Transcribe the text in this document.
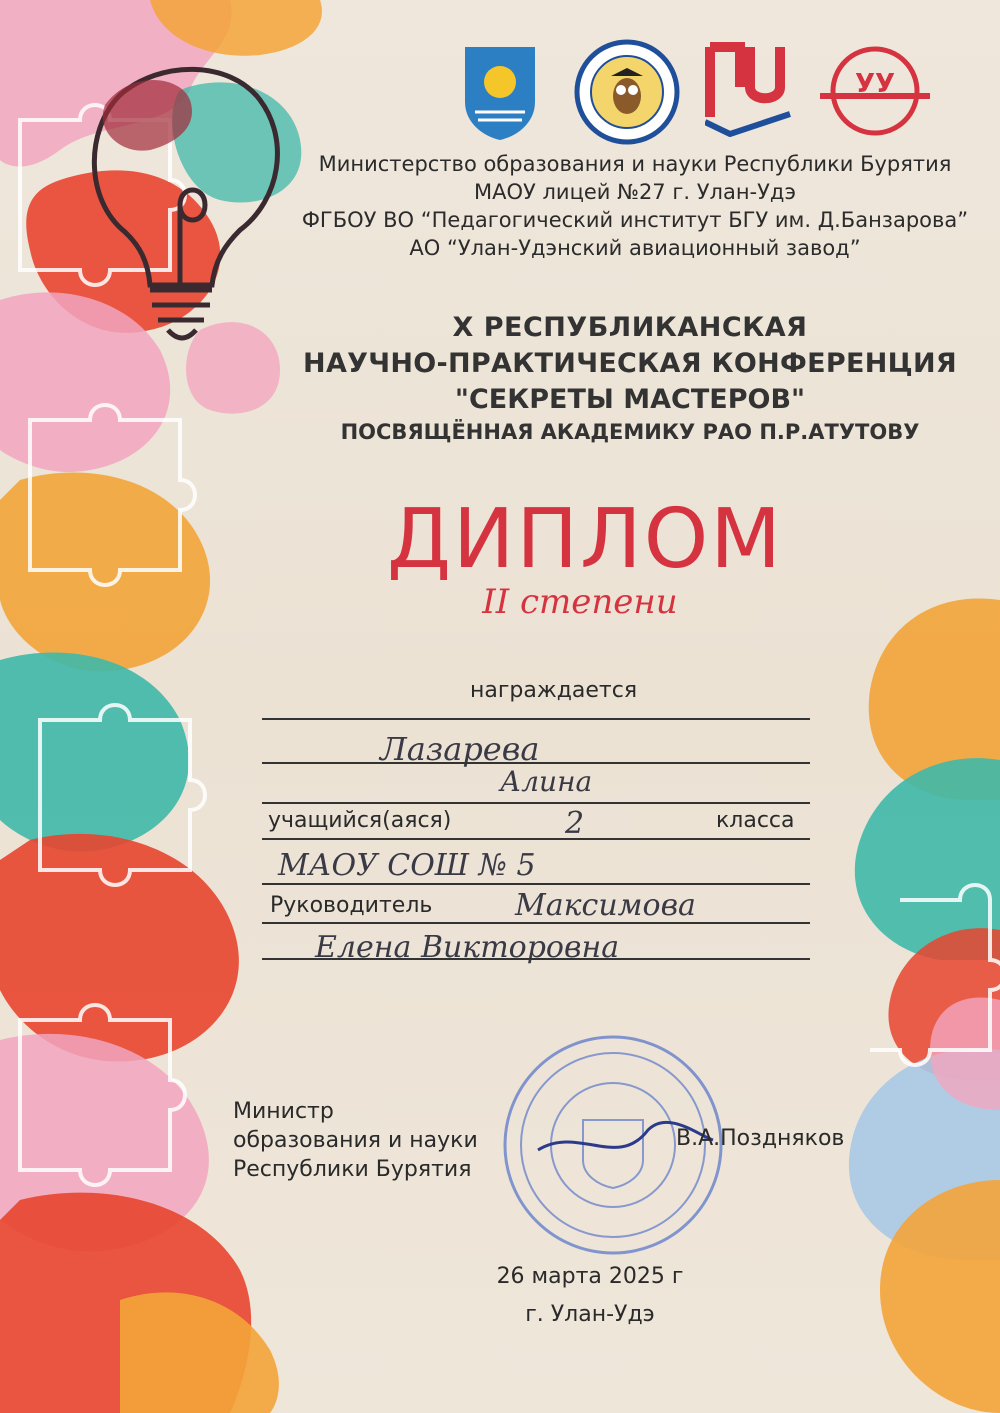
УУ
Министерство образования и науки Республики Бурятия
МАОУ лицей №27 г. Улан-Удэ
ФГБОУ ВО “Педагогический институт БГУ им. Д.Банзарова”
АО “Улан-Удэнский авиационный завод”
X РЕСПУБЛИКАНСКАЯ
НАУЧНО-ПРАКТИЧЕСКАЯ КОНФЕРЕНЦИЯ
"СЕКРЕТЫ МАСТЕРОВ"
ПОСВЯЩЁННАЯ АКАДЕМИКУ РАО П.Р.АТУТОВУ
ДИПЛОМ
II степени
награждается
Лазарева
Алина
учащийся(аяся)	2	класса
МАОУ СОШ № 5
Руководитель	Максимова
Елена Викторовна
Министр
образования и науки
Республики Бурятия
В.А.Поздняков
26 марта 2025 г
г. Улан-Удэ
